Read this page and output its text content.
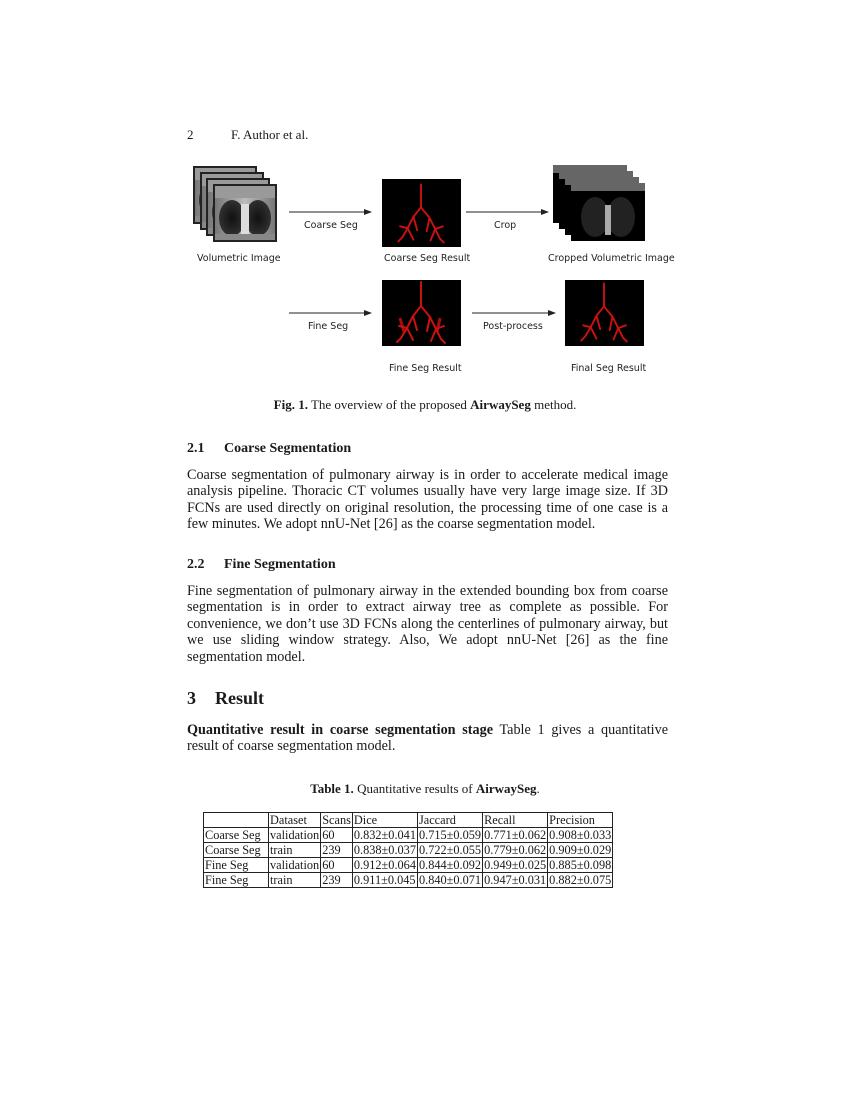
2	F. Author et al.
Volumetric Image
Coarse Seg
Coarse Seg Result
Crop
Cropped Volumetric Image
Fine Seg	Post-process
Fine Seg Result	Final Seg Result
Fig. 1. The overview of the proposed AirwaySeg method.
2.1 Coarse Segmentation

Coarse segmentation of pulmonary airway is in order to accelerate medical image analysis pipeline. Thoracic CT volumes usually have very large image size. If 3D FCNs are used directly on original resolution, the processing time of one case is a few minutes. We adopt nnU-Net [26] as the coarse segmentation model.

2.2 Fine Segmentation

Fine segmentation of pulmonary airway in the extended bounding box from coarse segmentation is in order to extract airway tree as complete as possible. For convenience, we don’t use 3D FCNs along the centerlines of pulmonary airway, but we use sliding window strategy. Also, We adopt nnU-Net [26] as the fine segmentation model.

3 Result

Quantitative result in coarse segmentation stage Table 1 gives a quantitative result of coarse segmentation model.

Table 1. Quantitative results of AirwaySeg.
	Dataset	Scans	Dice	Jaccard	Recall	Precision
Coarse Seg	validation	60	0.832±0.041	0.715±0.059	0.771±0.062	0.908±0.033
Coarse Seg	train	239	0.838±0.037	0.722±0.055	0.779±0.062	0.909±0.029
Fine Seg	validation	60	0.912±0.064	0.844±0.092	0.949±0.025	0.885±0.098
Fine Seg	train	239	0.911±0.045	0.840±0.071	0.947±0.031	0.882±0.075
